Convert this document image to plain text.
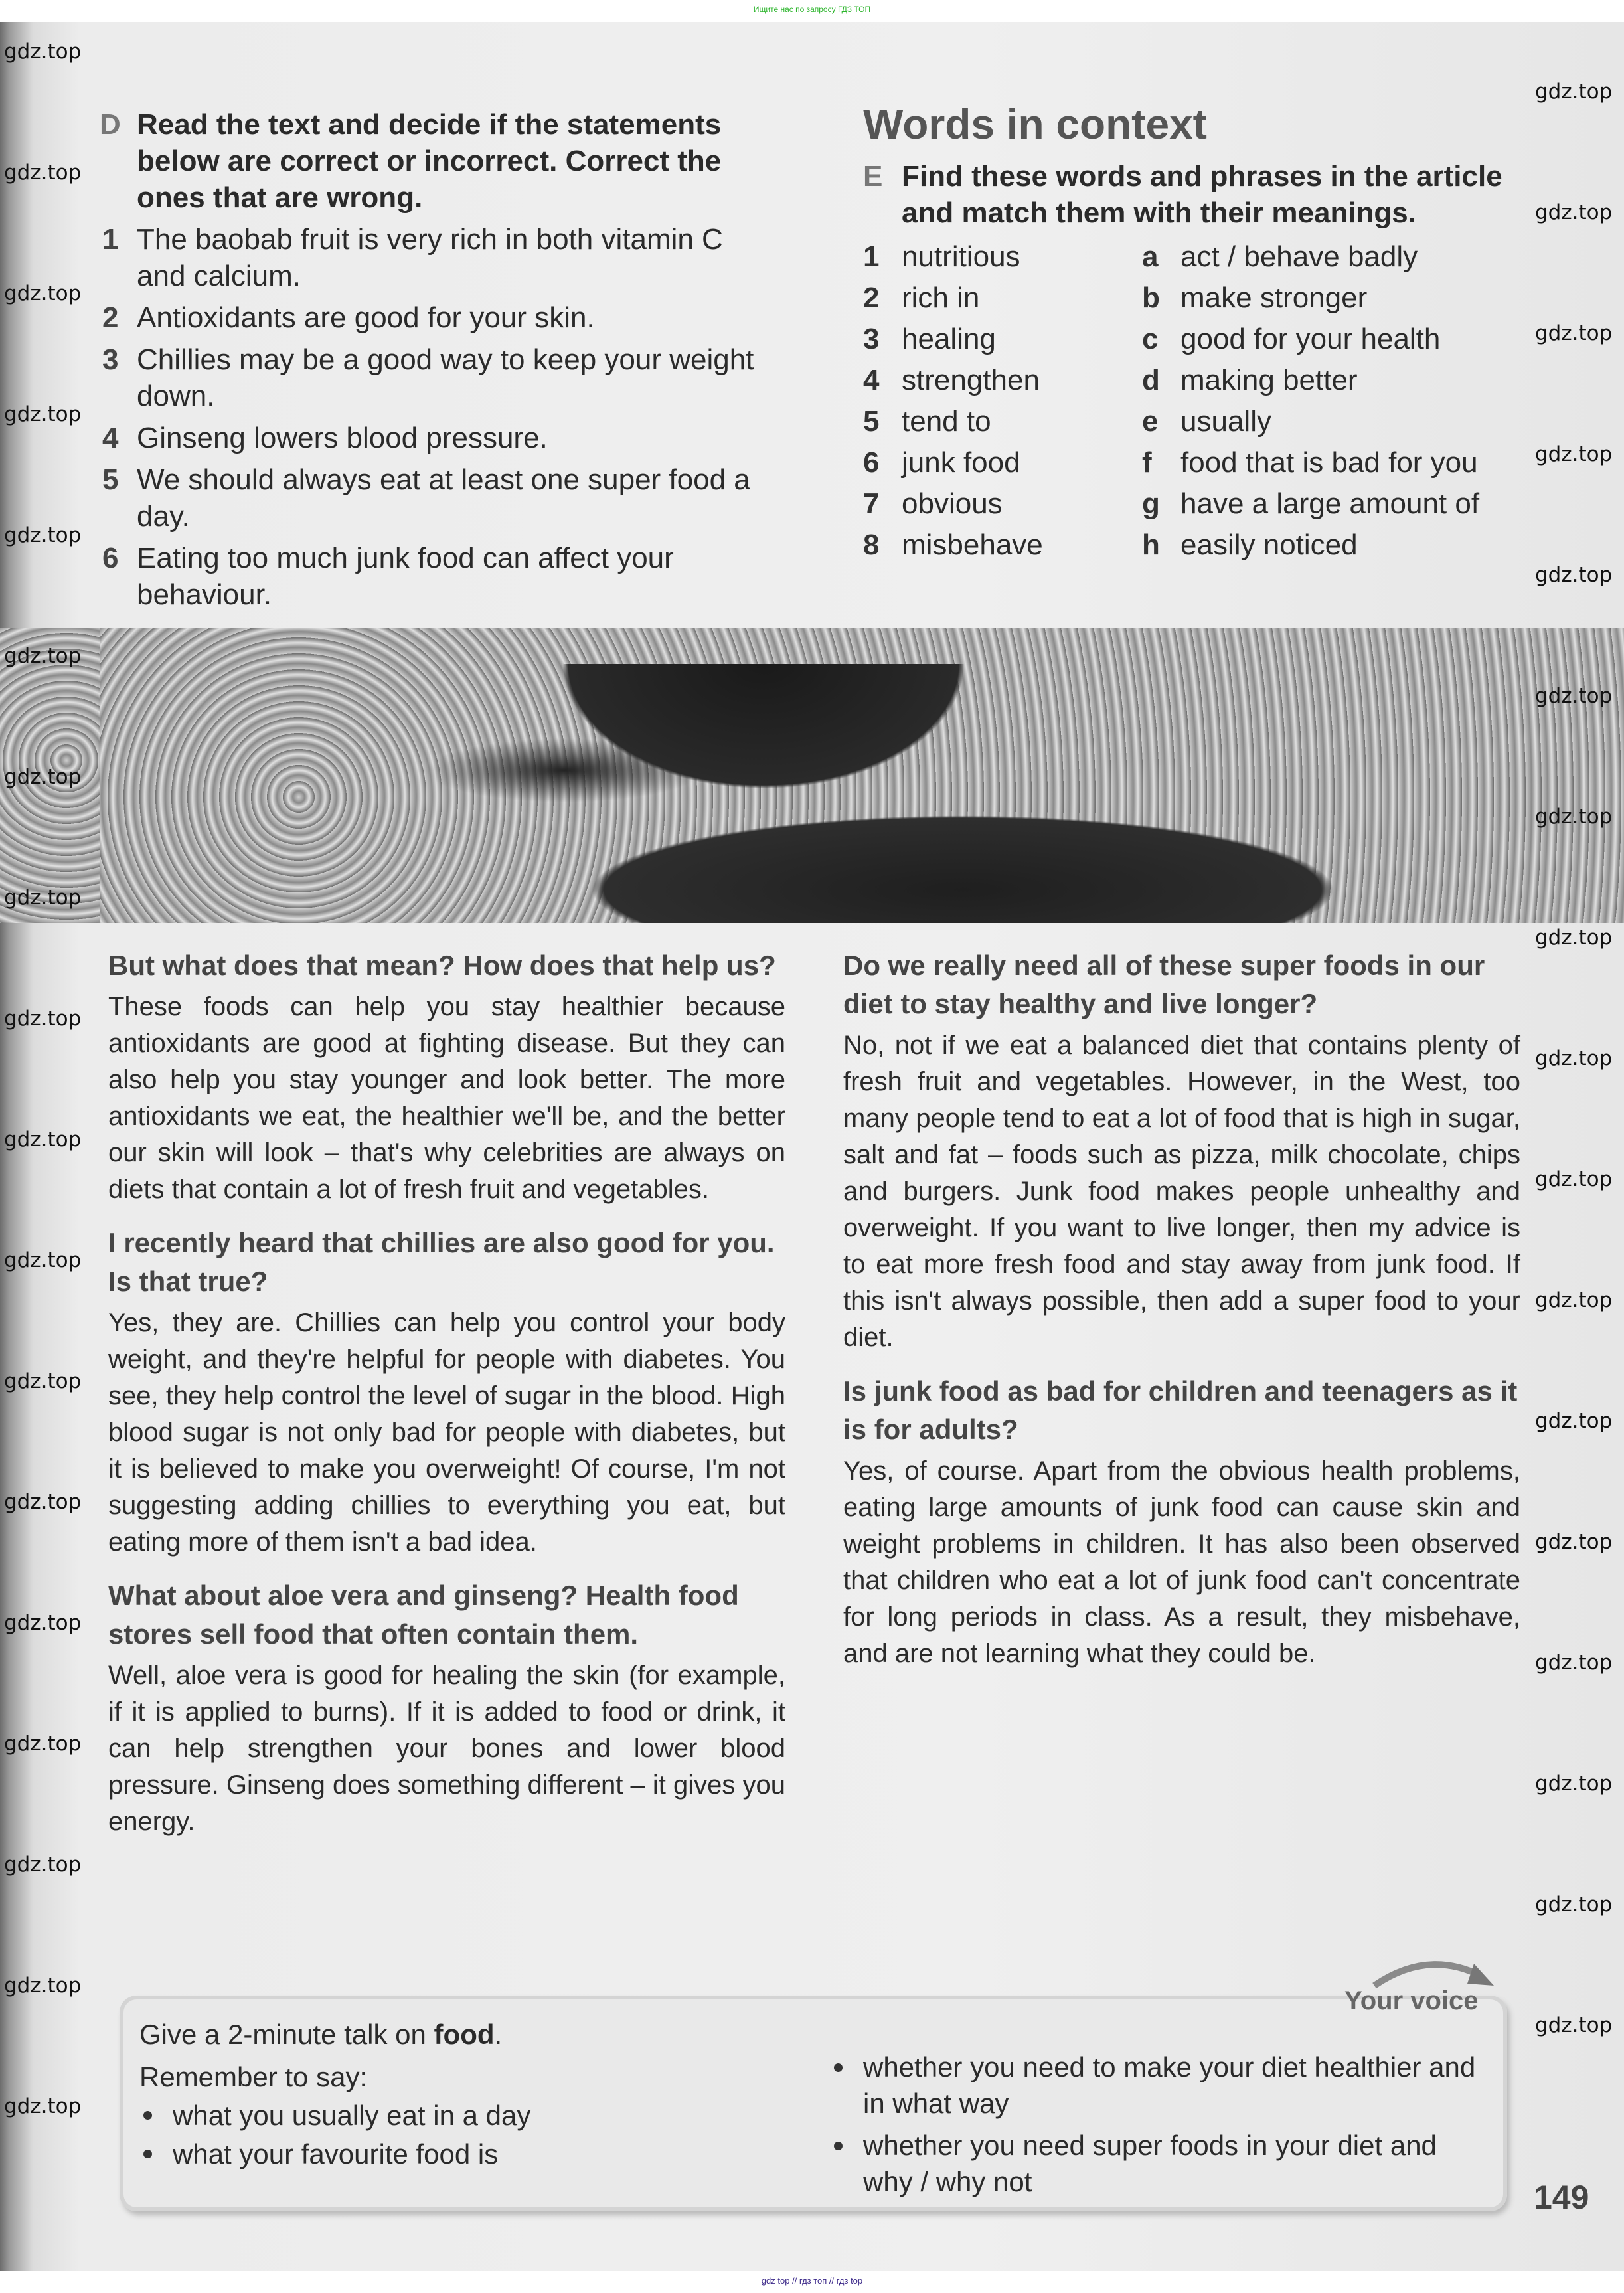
Ищите нас по запросу ГДЗ ТОП
D Read the text and decide if the statements below are correct or incorrect. Correct the ones that are wrong.
1 The baobab fruit is very rich in both vitamin C and calcium.
2 Antioxidants are good for your skin.
3 Chillies may be a good way to keep your weight down.
4 Ginseng lowers blood pressure.
5 We should always eat at least one super food a day.
6 Eating too much junk food can affect your behaviour.
Words in context
E Find these words and phrases in the article and match them with their meanings.
1 nutritious	a act / behave badly
2 rich in	b make stronger
3 healing	c good for your health
4 strengthen	d making better
5 tend to	e usually
6 junk food	f food that is bad for you
7 obvious	g have a large amount of
8 misbehave	h easily noticed
But what does that mean? How does that help us?

These foods can help you stay healthier because antioxidants are good at fighting disease. But they can also help you stay younger and look better. The more antioxidants we eat, the healthier we'll be, and the better our skin will look – that's why celebrities are always on diets that contain a lot of fresh fruit and vegetables.

I recently heard that chillies are also good for you. Is that true?

Yes, they are. Chillies can help you control your body weight, and they're helpful for people with diabetes. You see, they help control the level of sugar in the blood. High blood sugar is not only bad for people with diabetes, but it is believed to make you overweight! Of course, I'm not suggesting adding chillies to everything you eat, but eating more of them isn't a bad idea.

What about aloe vera and ginseng? Health food stores sell food that often contain them.

Well, aloe vera is good for healing the skin (for example, if it is applied to burns). If it is added to food or drink, it can help strengthen your bones and lower blood pressure. Ginseng does something different – it gives you energy.

Do we really need all of these super foods in our diet to stay healthy and live longer?

No, not if we eat a balanced diet that contains plenty of fresh fruit and vegetables. However, in the West, too many people tend to eat a lot of food that is high in sugar, salt and fat – foods such as pizza, milk chocolate, chips and burgers. Junk food makes people unhealthy and overweight. If you want to live longer, then my advice is to eat more fresh food and stay away from junk food. If this isn't always possible, then add a super food to your diet.

Is junk food as bad for children and teenagers as it is for adults?

Yes, of course. Apart from the obvious health problems, eating large amounts of junk food can cause skin and weight problems in children. It has also been observed that children who eat a lot of junk food can't concentrate for long periods in class. As a result, they misbehave, and are not learning what they could be.

Your voice
Give a 2-minute talk on food.
Remember to say:
what you usually eat in a day
what your favourite food is
whether you need to make your diet healthier and in what way
whether you need super foods in your diet and why / why not	149
gdz.top
gdz.top
gdz.top
gdz.top
gdz.top
gdz.top
gdz.top
gdz.top
gdz.top
gdz.top
gdz.top
gdz.top
gdz.top
gdz.top
gdz.top
gdz.top
gdz.top
gdz.top
gdz.top
gdz.top
gdz.top
gdz.top
gdz.top
gdz.top
gdz.top
gdz.top
gdz.top
gdz.top
gdz.top
gdz.top
gdz.top
gdz.top
gdz.top
gdz.top
gdz.top
gdz top // гдз топ // гдз top
